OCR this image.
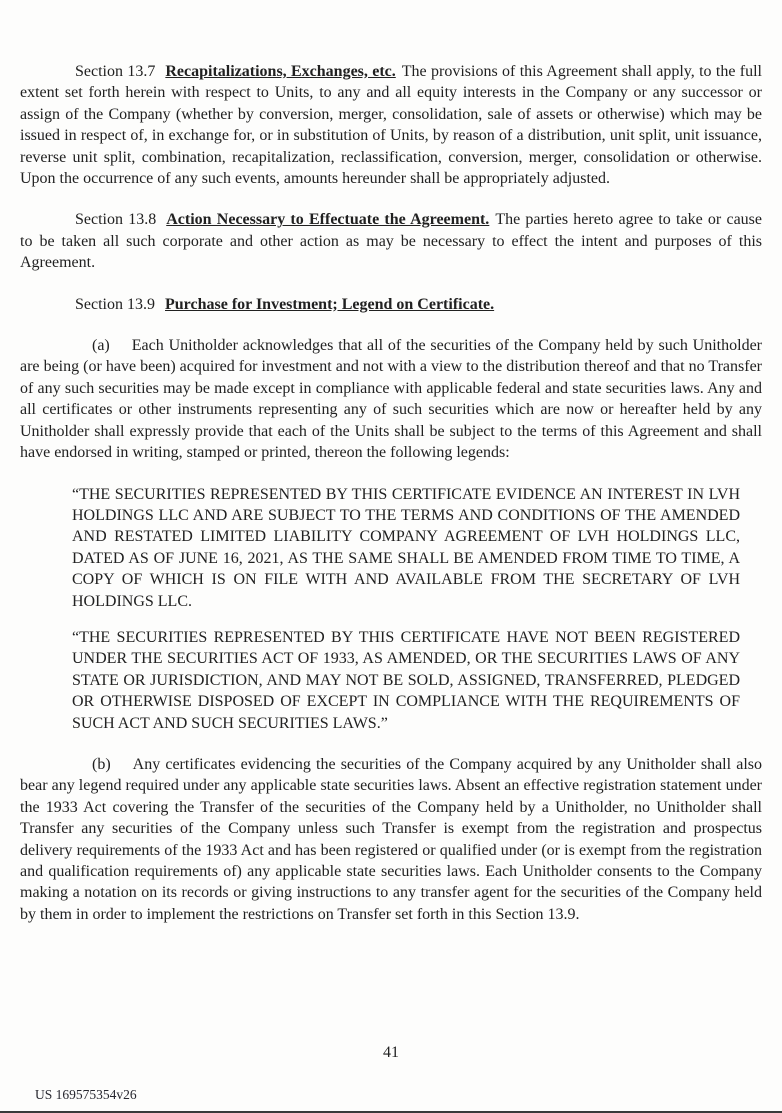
Section 13.7 Recapitalizations, Exchanges, etc. The provisions of this Agreement shall apply, to the full extent set forth herein with respect to Units, to any and all equity interests in the Company or any successor or assign of the Company (whether by conversion, merger, consolidation, sale of assets or otherwise) which may be issued in respect of, in exchange for, or in substitution of Units, by reason of a distribution, unit split, unit issuance, reverse unit split, combination, recapitalization, reclassification, conversion, merger, consolidation or otherwise. Upon the occurrence of any such events, amounts hereunder shall be appropriately adjusted.

Section 13.8 Action Necessary to Effectuate the Agreement. The parties hereto agree to take or cause to be taken all such corporate and other action as may be necessary to effect the intent and purposes of this Agreement.

Section 13.9 Purchase for Investment; Legend on Certificate.

(a) Each Unitholder acknowledges that all of the securities of the Company held by such Unitholder are being (or have been) acquired for investment and not with a view to the distribution thereof and that no Transfer of any such securities may be made except in compliance with applicable federal and state securities laws. Any and all certificates or other instruments representing any of such securities which are now or hereafter held by any Unitholder shall expressly provide that each of the Units shall be subject to the terms of this Agreement and shall have endorsed in writing, stamped or printed, thereon the following legends:

“THE SECURITIES REPRESENTED BY THIS CERTIFICATE EVIDENCE AN INTEREST IN LVH HOLDINGS LLC AND ARE SUBJECT TO THE TERMS AND CONDITIONS OF THE AMENDED AND RESTATED LIMITED LIABILITY COMPANY AGREEMENT OF LVH HOLDINGS LLC, DATED AS OF JUNE 16, 2021, AS THE SAME SHALL BE AMENDED FROM TIME TO TIME, A COPY OF WHICH IS ON FILE WITH AND AVAILABLE FROM THE SECRETARY OF LVH HOLDINGS LLC.

“THE SECURITIES REPRESENTED BY THIS CERTIFICATE HAVE NOT BEEN REGISTERED UNDER THE SECURITIES ACT OF 1933, AS AMENDED, OR THE SECURITIES LAWS OF ANY STATE OR JURISDICTION, AND MAY NOT BE SOLD, ASSIGNED, TRANSFERRED, PLEDGED OR OTHERWISE DISPOSED OF EXCEPT IN COMPLIANCE WITH THE REQUIREMENTS OF SUCH ACT AND SUCH SECURITIES LAWS.”

(b) Any certificates evidencing the securities of the Company acquired by any Unitholder shall also bear any legend required under any applicable state securities laws. Absent an effective registration statement under the 1933 Act covering the Transfer of the securities of the Company held by a Unitholder, no Unitholder shall Transfer any securities of the Company unless such Transfer is exempt from the registration and prospectus delivery requirements of the 1933 Act and has been registered or qualified under (or is exempt from the registration and qualification requirements of) any applicable state securities laws. Each Unitholder consents to the Company making a notation on its records or giving instructions to any transfer agent for the securities of the Company held by them in order to implement the restrictions on Transfer set forth in this Section 13.9.

41
US 169575354v26
